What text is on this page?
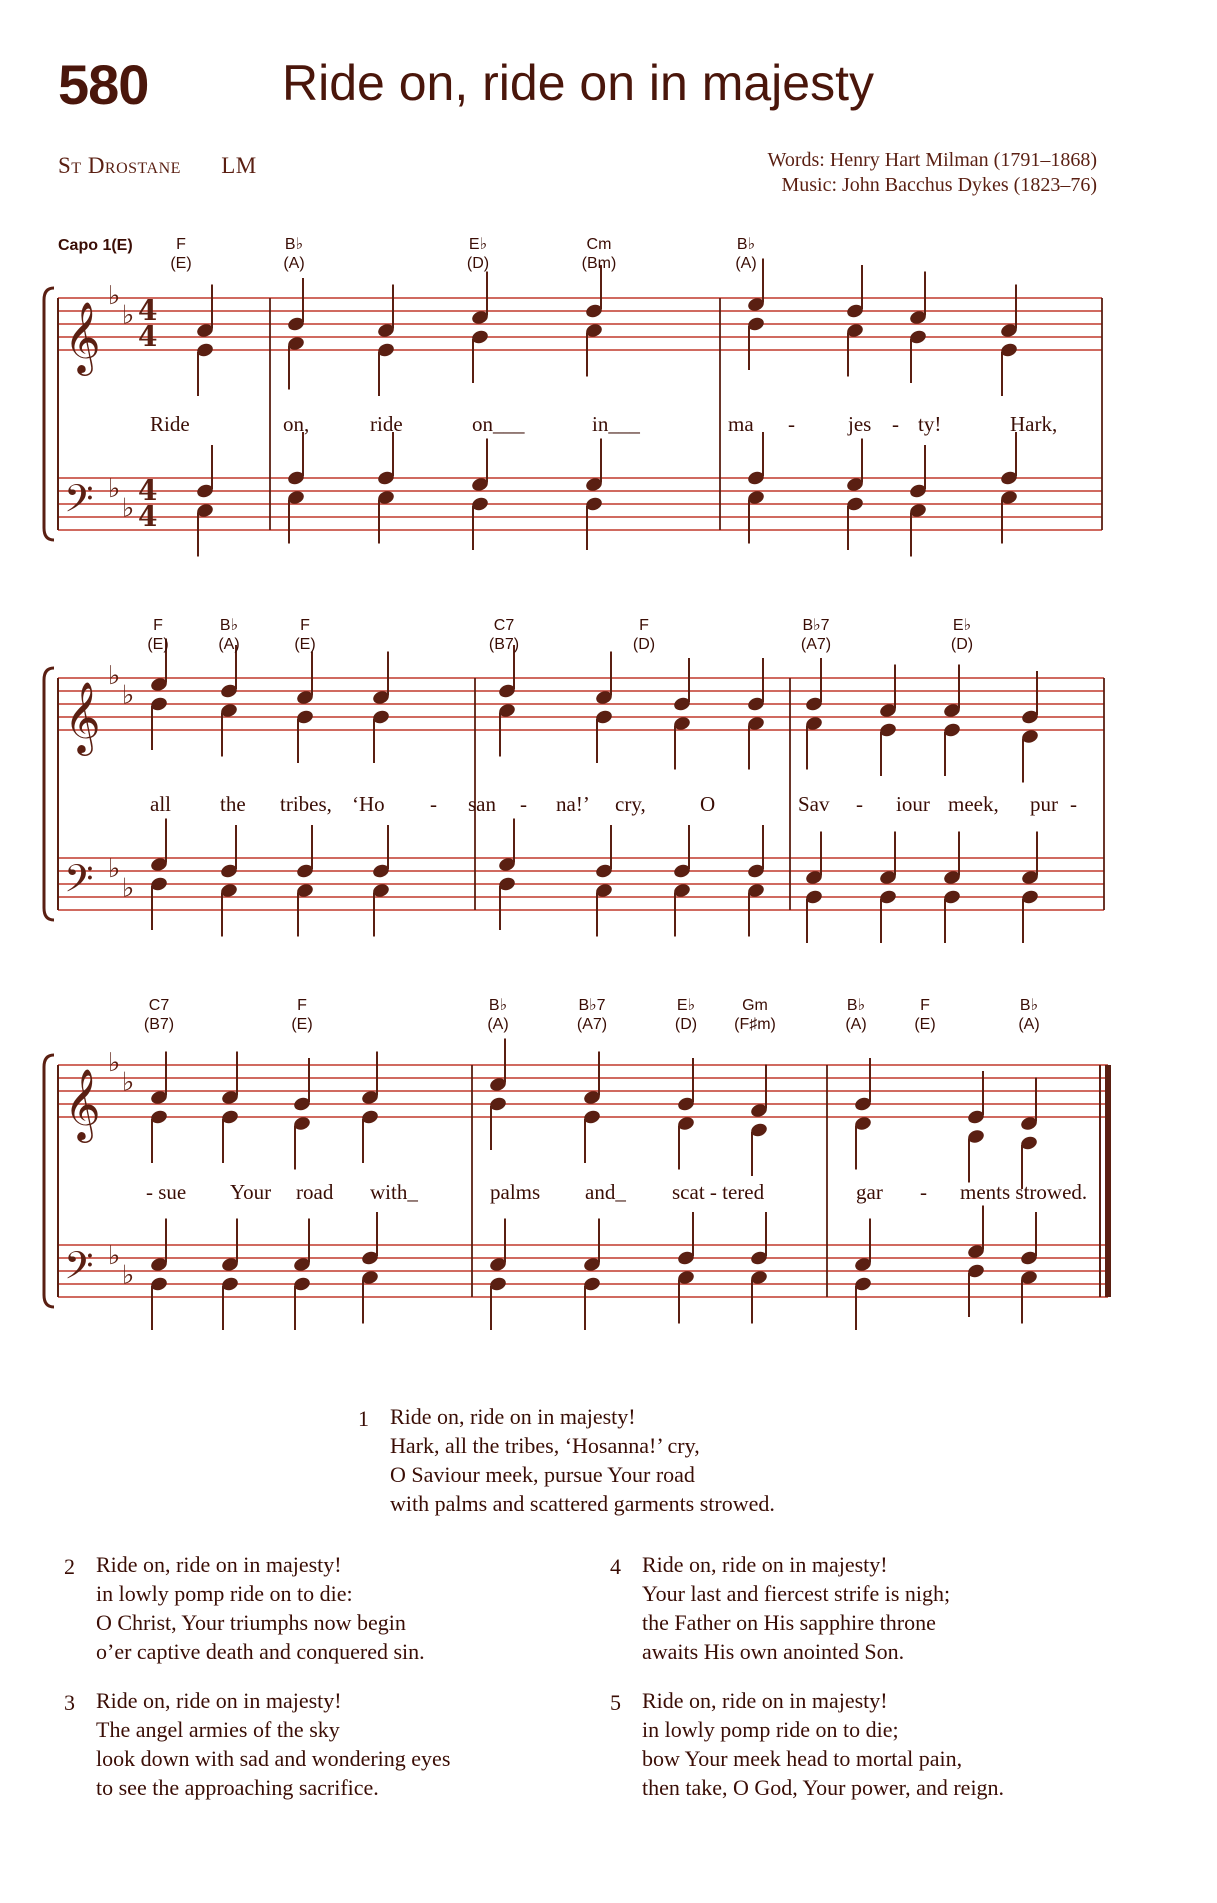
580	Ride on, ride on in majesty
St Drostane LM	Words: Henry Hart Milman (1791–1868)
Music: John Bacchus Dykes (1823–76)
Capo 1(E)
𝄞
𝄢
♭
♭
♭
♭
4
4
4
4
𝄞
𝄢
♭
♭
♭
♭
𝄞
𝄢
♭
♭
♭
♭
F
(E)
B♭
(A)
E♭
(D)
Cm
(Bm)
B♭
(A)
F
(E)
B♭
(A)
F
(E)
C7
(B7)
F
(D)
B♭7
(A7)
E♭
(D)
C7
(B7)
F
(E)
B♭
(A)
B♭7
(A7)
E♭
(D)
Gm
(F♯m)
B♭
(A)
F
(E)
B♭
(A)
Ride	on,	ride	on___	in___	ma -	jes - ty!	Hark,
all the tribes, ‘Ho - san - na!’ cry,	O	Sav - iour meek, pur -
- sue Your road with_	palms and_ scat - tered	gar - ments strowed.
1 Ride on, ride on in majesty!
Hark, all the tribes, ‘Hosanna!’ cry,
O Saviour meek, pursue Your road
with palms and scattered garments strowed.
2 Ride on, ride on in majesty!
in lowly pomp ride on to die:
O Christ, Your triumphs now begin
o’er captive death and conquered sin.
3 Ride on, ride on in majesty!
The angel armies of the sky
look down with sad and wondering eyes
to see the approaching sacrifice.
4 Ride on, ride on in majesty!
Your last and fiercest strife is nigh;
the Father on His sapphire throne
awaits His own anointed Son.
5 Ride on, ride on in majesty!
in lowly pomp ride on to die;
bow Your meek head to mortal pain,
then take, O God, Your power, and reign.
